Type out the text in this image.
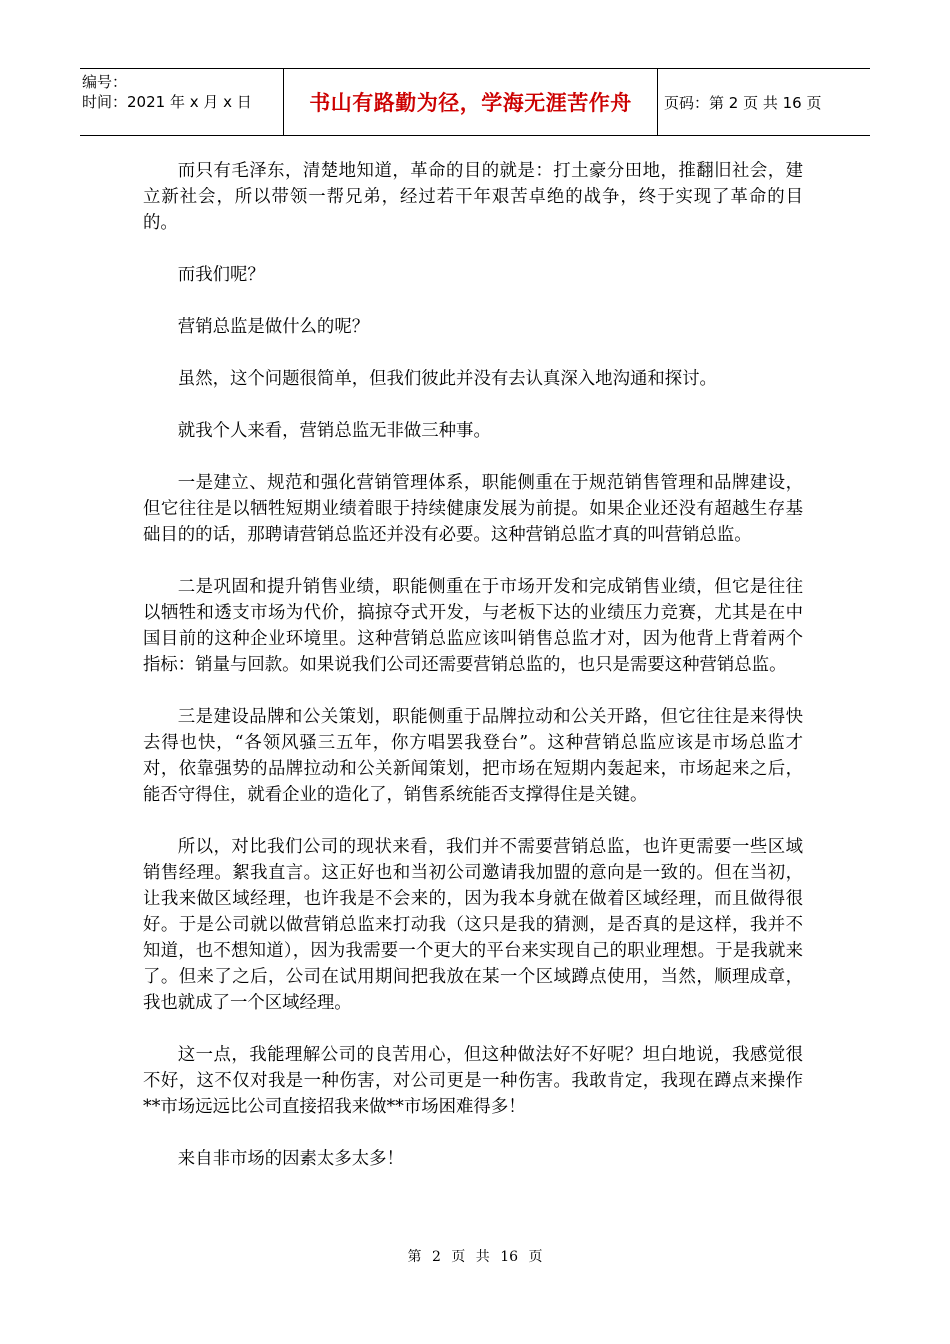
编号：
时间：2021 年 x 月 x 日	书山有路勤为径，学海无涯苦作舟	页码：第 2 页 共 16 页

而只有毛泽东，清楚地知道，革命的目的就是：打土豪分田地，推翻旧社会，建立新社会，所以带领一帮兄弟，经过若干年艰苦卓绝的战争，终于实现了革命的目的。

而我们呢？

营销总监是做什么的呢？

虽然，这个问题很简单，但我们彼此并没有去认真深入地沟通和探讨。

就我个人来看，营销总监无非做三种事。

一是建立、规范和强化营销管理体系，职能侧重在于规范销售管理和品牌建设，但它往往是以牺牲短期业绩着眼于持续健康发展为前提。如果企业还没有超越生存基础目的的话，那聘请营销总监还并没有必要。这种营销总监才真的叫营销总监。

二是巩固和提升销售业绩，职能侧重在于市场开发和完成销售业绩，但它是往往以牺牲和透支市场为代价，搞掠夺式开发，与老板下达的业绩压力竞赛，尤其是在中国目前的这种企业环境里。这种营销总监应该叫销售总监才对，因为他背上背着两个指标：销量与回款。如果说我们公司还需要营销总监的，也只是需要这种营销总监。

三是建设品牌和公关策划，职能侧重于品牌拉动和公关开路，但它往往是来得快去得也快，“各领风骚三五年，你方唱罢我登台”。这种营销总监应该是市场总监才对，依靠强势的品牌拉动和公关新闻策划，把市场在短期内轰起来，市场起来之后，能否守得住，就看企业的造化了，销售系统能否支撑得住是关键。

所以，对比我们公司的现状来看，我们并不需要营销总监，也许更需要一些区域销售经理。絮我直言。这正好也和当初公司邀请我加盟的意向是一致的。但在当初，让我来做区域经理，也许我是不会来的，因为我本身就在做着区域经理，而且做得很好。于是公司就以做营销总监来打动我（这只是我的猜测，是否真的是这样，我并不知道，也不想知道），因为我需要一个更大的平台来实现自己的职业理想。于是我就来了。但来了之后，公司在试用期间把我放在某一个区域蹲点使用，当然，顺理成章，我也就成了一个区域经理。

这一点，我能理解公司的良苦用心，但这种做法好不好呢？坦白地说，我感觉很不好，这不仅对我是一种伤害，对公司更是一种伤害。我敢肯定，我现在蹲点来操作**市场远远比公司直接招我来做**市场困难得多！

来自非市场的因素太多太多！

第 2 页 共 16 页
